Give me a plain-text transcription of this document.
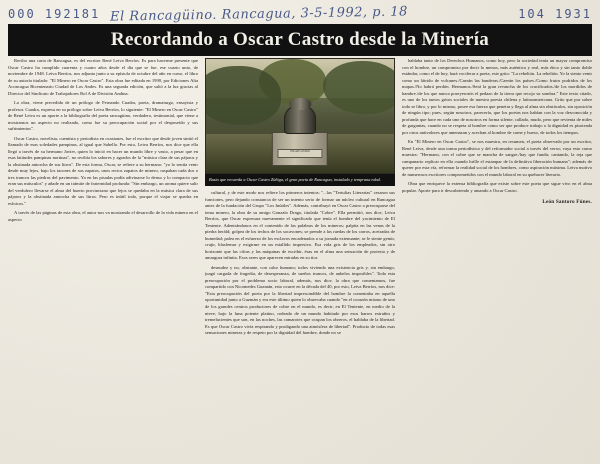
000 192181 El Rancagüino. Rancagua, 3-5-1992, p. 18	104 1931
Recordando a Oscar Castro desde la Minería

Recibo una carta de Rancagua, es del escritor René Leiva Berríos. Es para hacerme presente que Oscar Castro ha cumplido cuarenta y cuatro años desde el día que se fue, ese cuarto unto, de noviembre de 1948. Leiva Berríos, nos adjunta junto a su epístola de octubre del año en curso, el libro de su autoría titulado: "El Minero en Oscar Castro". Esta obra fue editada en 1990, por Ediciones Alta Aconcagua Bicentenario Ciudad de Los Andes. Es una segunda edición, que salió a la luz gracias al Director del Sindicato de Trabajadores Rol A de División Andina.

La obra, viene precedida de un prólogo de Fernando Cuadra, poeta, dramaturgo, ensayista y profesor. Cuadra, expresa en su prólogo sobre Leiva Berríos, lo siguiente: "El Minero en Oscar Castro" de René Leiva es un aporte a la bibliografía del poeta rancagüino, verdadero, testimonial, que viene a mostrarnos un aspecto no realizado, como fue su preocupación social por el desposeído y sus sufrimientos".

Oscar Castro, novelista, cuentista y periodista en ocasiones, fue el escritor que desde joven sintió el llamado de esas soledades pampinas, al igual que Sabella. Por esto, Leiva Berríos, nos dice que ella llegó a través de su hermano Javier, quien lo inició en hacer un mundo libre y vasto, a pesar que en esas latitudes pampinas nortinas", no recibía los sabores y agrados de la "música clara de sus pájaros y la obstinada antorcha de sus litros". De esta forma, Oscar, se refiere a su hermano: "yo lo sentía venir desde muy lejos, bajo los tacones de sus zapatos, unos recios zapatos de minero, raspaban cada dos o tres trancos las piedras del pavimento. Ya en las pisadas podía adivinarse lo denso y lo compacto que eran sus músculos" y añade en un trámite de fraternidad profunda: "Sin embargo, un aroma quiere salir del verdulero llevarse el alma del huerto provinciano que lejos se quedaba en la música clara de sus pájaros y la obstinada antorcha de sus litros. Pero es inútil todo, porque el viajar se quedra en esfoicos."

A través de las páginas de esta obra, el autor nos va mostrando el desarrollo de la vida minera en el aspecto

OSCAR CASTRO
Busto que recuerda a Oscar Castro Zúñiga, el gran poeta de Rancagua, instalado y temprana edad.

cultural, y de este modo nos refiere los primeros intentos: "...las "Tertulias Literarias" cesaron sus funciones, pero dejando constancia de ser un intento serio de formar un núcleo cultural en Rancagua antes de la fundación del Grupo "Los Inútiles". Además, contribuyó en Oscar Castro a preocuparse del tema minero, la obra de su amigo Gonzalo Drago, titulada "Cobre". Ella permitió, nos dice, Leiva Berríos, que Oscar expresara nuevamente el significado que tenía el hombre del yacimiento de El Teniente. Adentrándonos en el contenido de las palabras de los mineros; palpita en las venas de la piedra heráld; golpea de los techos de los socavones; se prende a las ruedas de los carros, acetradas de humedad; palea en el esfuerzo de los esclavos encadenados a su jornada extenuante; se le siente gemir, crujir, blasfemar y exigirme en un estallido impresivo. Esa vida gris de los empleados, sin otro horizonte que las cifras y las máquinas de escribir, ésas en el alma una sensación de protesta y de amargura infinita. Esos seres que aparecen miradas en su tica

desnudez y no, obstante, con calor humano; todos viviendo una existencia gris y, sin embargo, juagó cargada de fragedia, de desesperanza, de sueños truncos, de anhelos imposibles". Toda esta preocupación por el problema socio laboral, además, nos dice, la obra que comentamos, fue compartido con Nicomedes Guzmán, esto ocurre en la década del 40, por esto, Leiva Berríos, nos dice: "Esta preocupación del poeta por la libertad imprescindible del hombre la comentaba en aquella oportunidad junto a Guzmán y era este último quien lo observaba cuando "en el corazón mismo de uno de los grandes centros productores de cobre en el mundo, es decir, en El Teniente, en medio de la nieve, bajo la luna potente platino, rodeado de un mundo habitado por esos barros extraños y tremelucientes que son, en las noches, las camarotes que ocupan los obreros, el hablaba de la libertad. Es que Oscar Castro vivía respirando y prodigando una atmósfera de libertad". Producto de todas esas sensaciones mineras y de respeto por la dignidad del hombre, donde no se

hablaba tanto de los Derechos Humanos, como hoy, pero la sociedad tenía un mayor compromiso con el hombre, un compromiso por decir lo menos, más auténtico y real, más ético y sin tanto doble estándar, como el de hoy, hará vociferar a poeta, este grito: "La rebelión. La rebelión. Yo la siento venir como un látrido de volcanes./Caerán las banderas./Caerán los países./Como frutos podridos de los mapas./No habrá perdón. Hermanos./Será la gran revancha de los crucificados./de los mordidos de hambre./de los que nunca poseyeron/n el pedazo de la tierra que recojo su sombra." Este texto citado, es uno de los tantos gritos sociales de nuestra poesía chilena y latinoamericana. Grito que por sobre todo se libro, y por lo mismo, posee esa fuerza que penetra y llega al alma sin obstáculos, sin oposición de ningún tipo; pues, según nosotros, parecería, que los poetas nos habían con la voz desconocida y profunda que hace en cada uno de nosotros en forma silente, callado, mudo, pero que revienta de miles de gargantas, cuando no se respeta al hombre como ser que produce trabajo o la dignidad es pisoteada por otros antivalores que amenazan y acechan al hombre de carne y hueso, de todos los tiempos.

En "El Minero en Oscar Castro", se nos muestra, en resumen, el poeta observado por un escritor, René Leiva, desde una trama periodística y del reformador social a través del verso; vaya esto como muestra: "Hermano, con el cobre que se mancha de sangre./hay que fundir, cantando, la reja que campanario replicar en ella cuando brille el estampar de la definitiva liberación humana"; además de querer por esta vía, reformar la realidad social de los hombres, como aspiración máxima. Leiva motivo de numerosos escritores comprometidos con el mundo laboral en su quehacer literario.

Obra que enriquece la extensa bibliografía que existe sobre este poeta que sigue vivo en el alma popular. Aporte para ir descubriendo y amando a Oscar Castro.

León Santoro Fúnes.
